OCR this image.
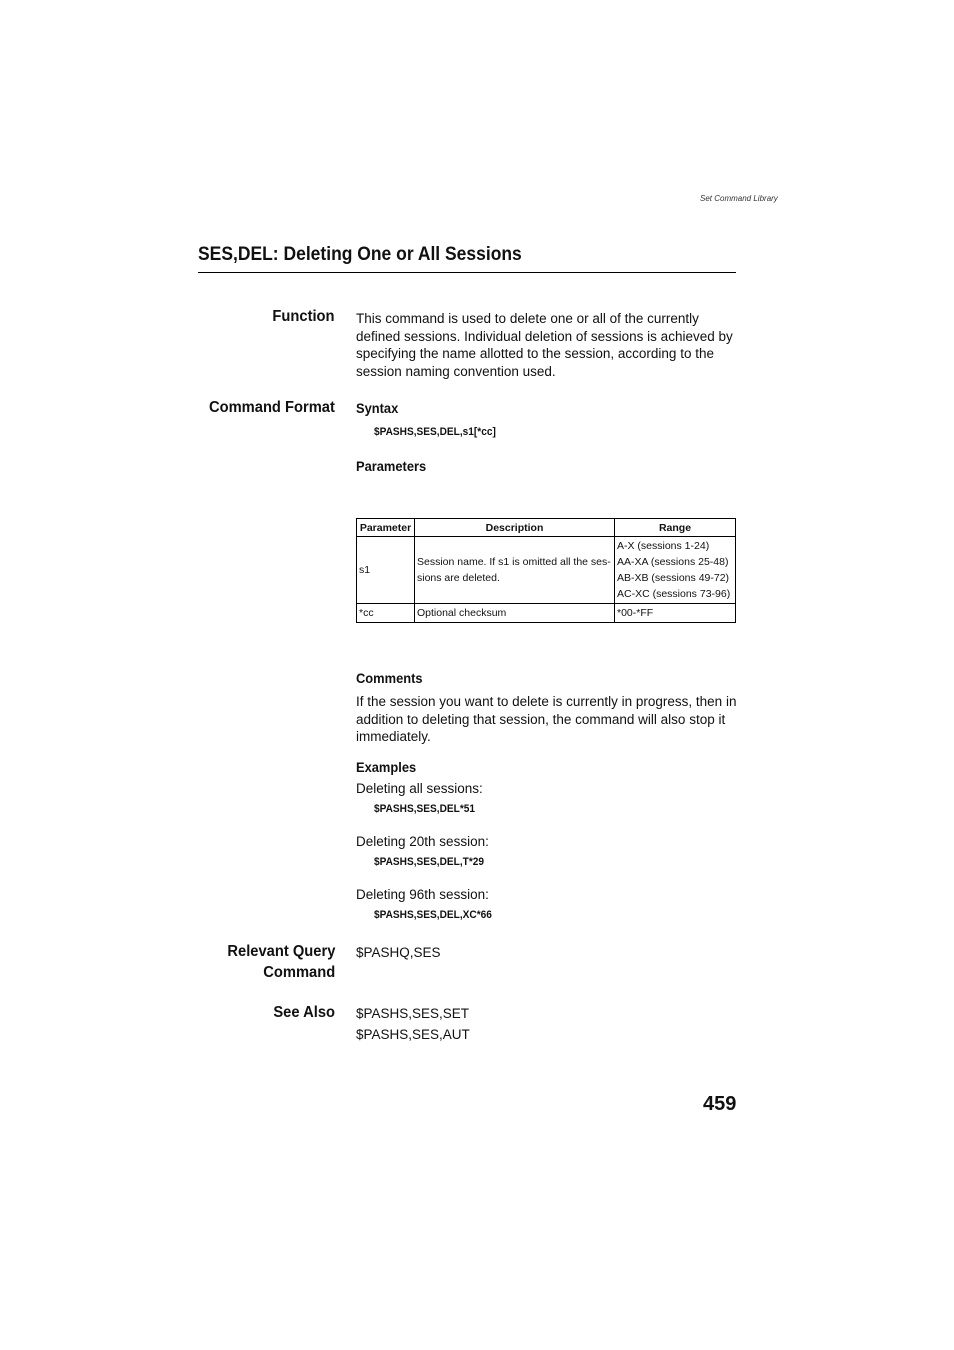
Set Command Library
SES,DEL: Deleting One or All Sessions
Function This command is used to delete one or all of the currently defined sessions. Individual deletion of sessions is achieved by specifying the name allotted to the session, according to the session naming convention used.
Command Format Syntax
$PASHS,SES,DEL,s1[*cc]
Parameters
Parameter	Description	Range
s1	Session name. If s1 is omitted all the ses-sions are deleted.	A-X (sessions 1-24)
AA-XA (sessions 25-48)
AB-XB (sessions 49-72)
AC-XC (sessions 73-96)

*cc	Optional checksum	*00-*FF
Comments
If the session you want to delete is currently in progress, then in addition to deleting that session, the command will also stop it immediately.
Examples
Deleting all sessions:
$PASHS,SES,DEL*51
Deleting 20th session:
$PASHS,SES,DEL,T*29
Deleting 96th session:
$PASHS,SES,DEL,XC*66
Relevant Query
Command
$PASHQ,SES
See Also $PASHS,SES,SET
$PASHS,SES,AUT
459
